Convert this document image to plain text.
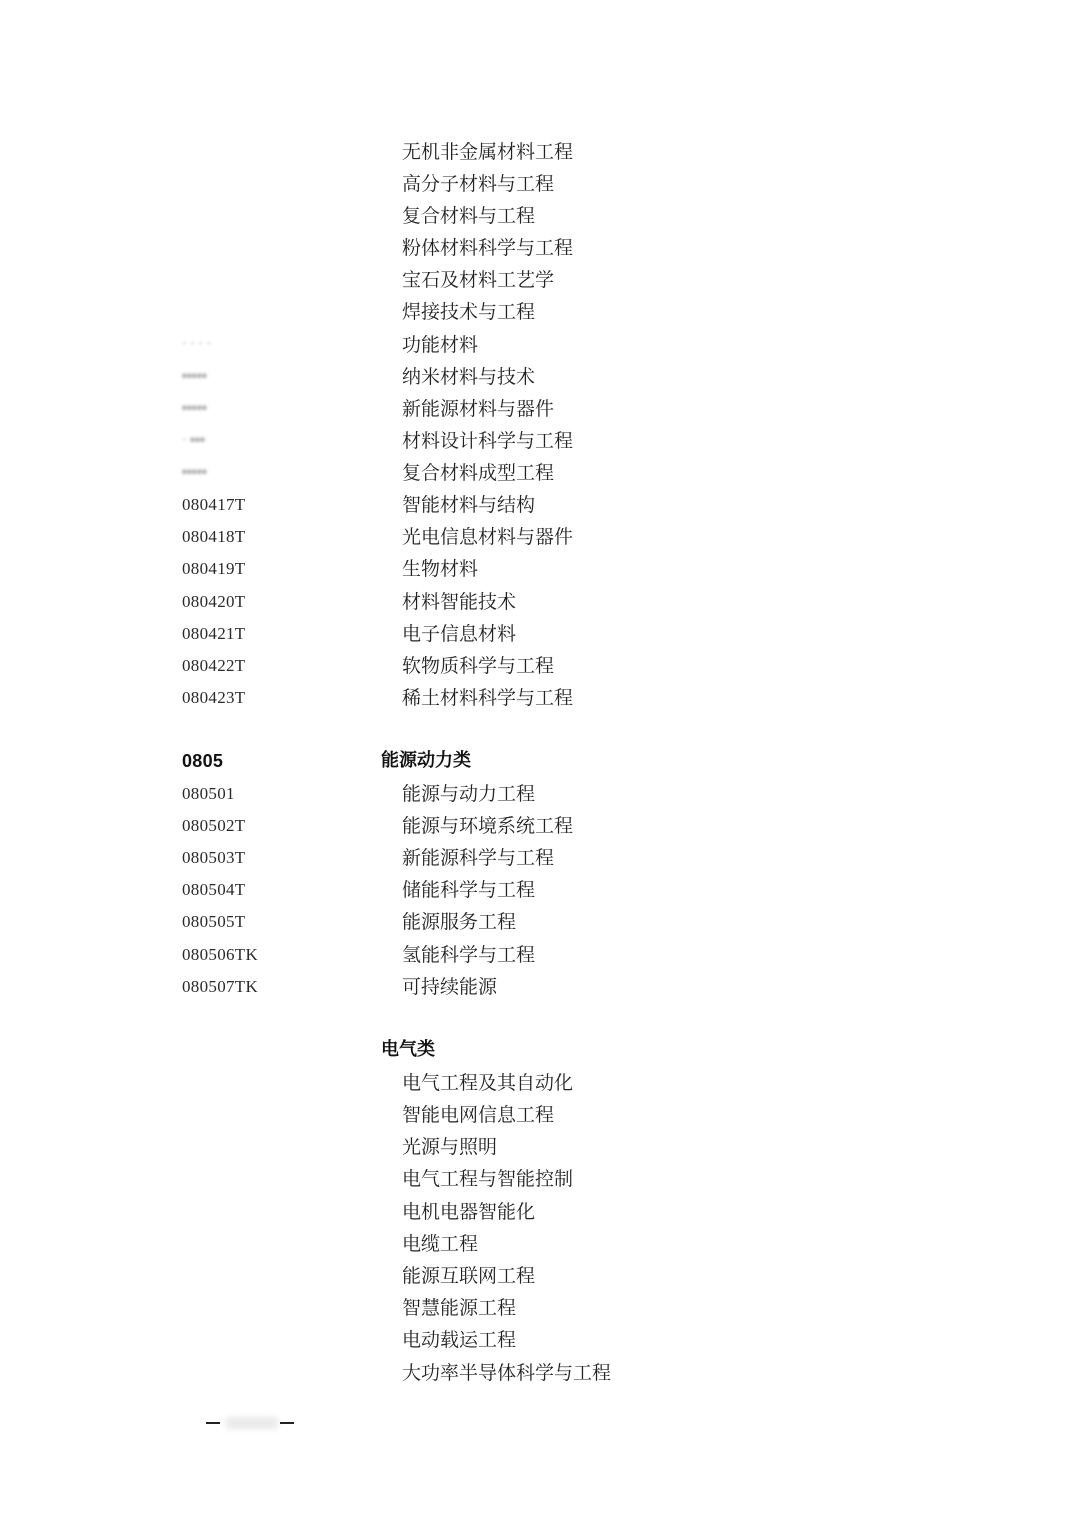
无机非金属材料工程
高分子材料与工程
复合材料与工程
粉体材料科学与工程
宝石及材料工艺学
焊接技术与工程
· · · ·	功能材料
▪▪▪▪▪	纳米材料与技术
▪▪▪▪▪	新能源材料与器件
· ▪▪▪	材料设计科学与工程
▪▪▪▪▪	复合材料成型工程
080417T	智能材料与结构
080418T	光电信息材料与器件
080419T	生物材料
080420T	材料智能技术
080421T	电子信息材料
080422T	软物质科学与工程
080423T	稀土材料科学与工程
0805	能源动力类
080501	能源与动力工程
080502T	能源与环境系统工程
080503T	新能源科学与工程
080504T	储能科学与工程
080505T	能源服务工程
080506TK	氢能科学与工程
080507TK	可持续能源
电气类
电气工程及其自动化
智能电网信息工程
光源与照明
电气工程与智能控制
电机电器智能化
电缆工程
能源互联网工程
智慧能源工程
电动载运工程
大功率半导体科学与工程
